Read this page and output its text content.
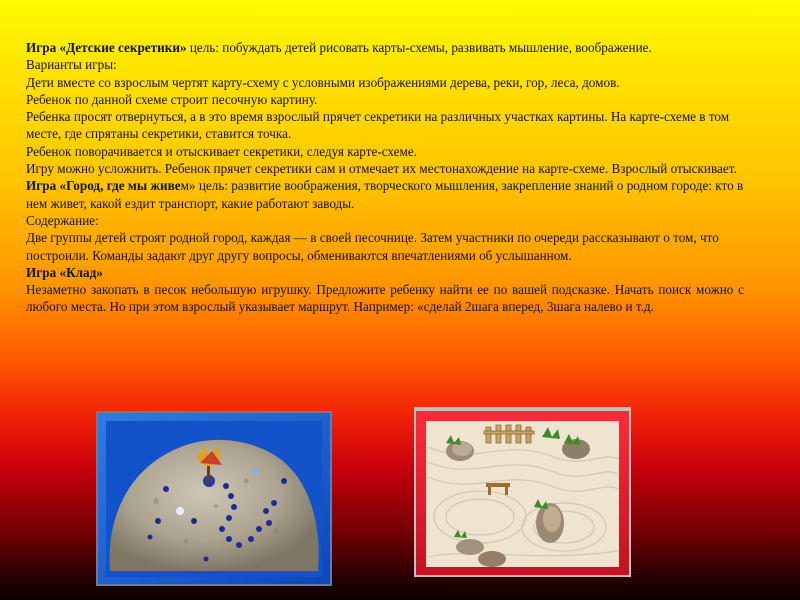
Игра «Детские секретики» цель: побуждать детей рисовать карты-схемы, развивать мышление, воображение.

Варианты игры:

Дети вместе со взрослым чертят карту-схему с условными изображениями дерева, реки, гор, леса, домов.

Ребенок по данной схеме строит песочную картину.

Ребенка просят отвернуться, а в это время взрослый прячет секретики на различных участках картины. На карте-схеме в том месте, где спрятаны секретики, ставится точка.

Ребенок поворачивается и отыскивает секретики, следуя карте-схеме.

Игру можно усложнить. Ребенок прячет секретики сам и отмечает их местонахождение на карте-схеме. Взрослый отыскивает.

Игра «Город, где мы живем» цель: развитие воображения, творческого мышления, закрепление знаний о родном городе: кто в нем живет, какой ездит транспорт, какие работают заводы.

Содержание:

Две группы детей строят родной город, каждая — в своей песочнице. Затем участники по очереди рассказывают о том, что построили. Команды задают друг другу вопросы, обмениваются впечатлениями об услышанном.

Игра «Клад»

Незаметно закопать в песок небольшую игрушку. Предложите ребенку найти ее по вашей подсказке. Начать поиск можно с любого места. Но при этом взрослый указывает маршрут. Например: «сделай 2шага вперед, 3шага налево и т.д.
